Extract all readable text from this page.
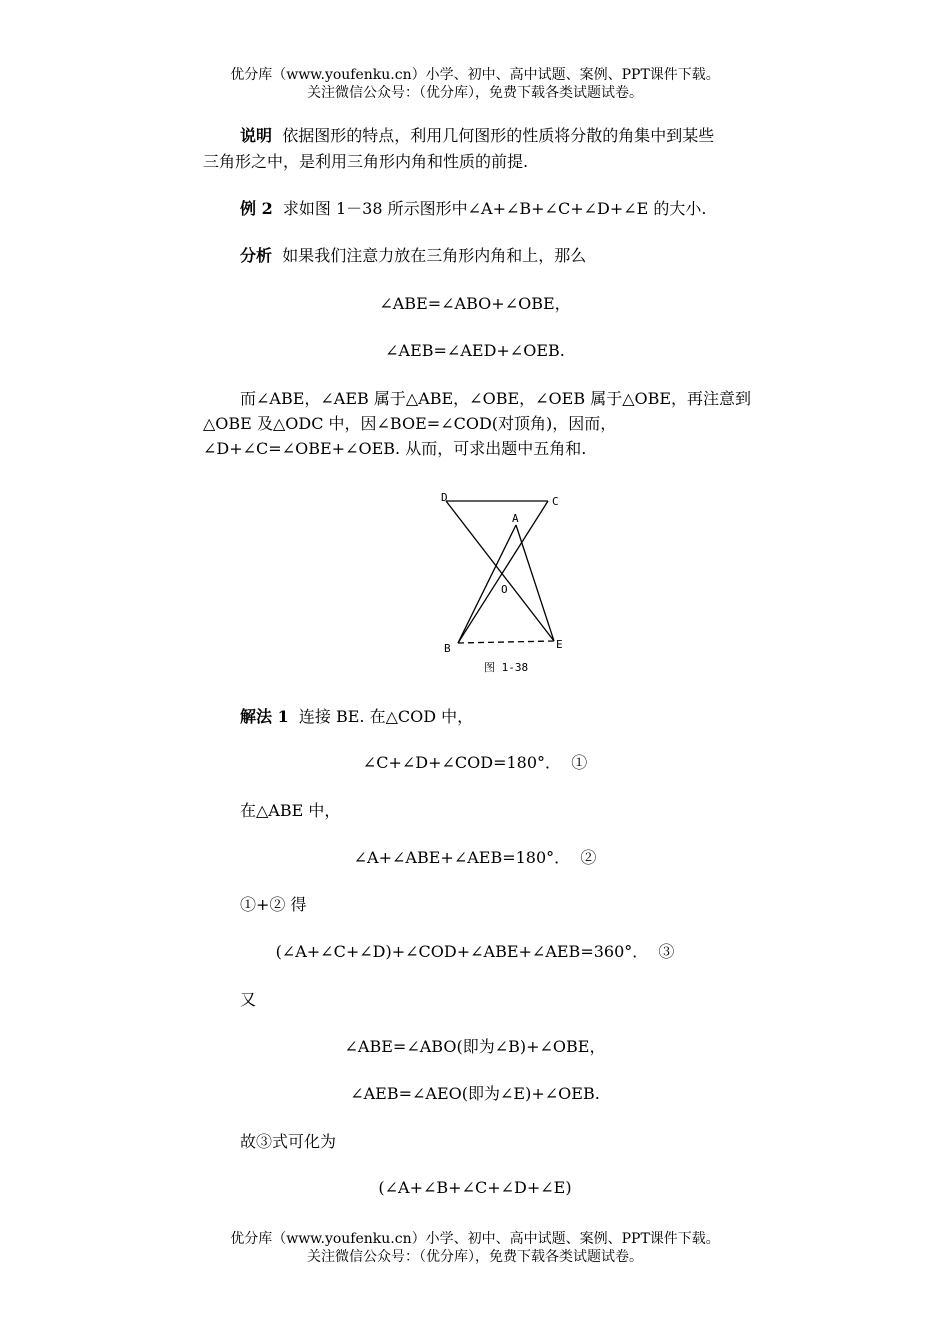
优分库（www.youfenku.cn）小学、初中、高中试题、案例、PPT课件下载。
关注微信公众号：（优分库），免费下载各类试题试卷。
说明 依据图形的特点，利用几何图形的性质将分散的角集中到某些
三角形之中，是利用三角形内角和性质的前提.
例 2 求如图 1－38 所示图形中∠A+∠B+∠C+∠D+∠E 的大小.
分析 如果我们注意力放在三角形内角和上，那么
∠ABE=∠ABO+∠OBE，
∠AEB=∠AED+∠OEB.
而∠ABE，∠AEB 属于△ABE，∠OBE，∠OEB 属于△OBE，再注意到
△OBE 及△ODC 中，因∠BOE=∠COD(对顶角)，因而，
∠D+∠C=∠OBE+∠OEB. 从而，可求出题中五角和.
D	C
A
O
B	E
图 1-38
解法 1 连接 BE. 在△COD 中，
∠C+∠D+∠COD=180°．  ①
在△ABE 中，
∠A+∠ABE+∠AEB=180°．  ②
①+② 得
(∠A+∠C+∠D)+∠COD+∠ABE+∠AEB=360°．  ③
又
∠ABE=∠ABO(即为∠B)+∠OBE，
∠AEB=∠AEO(即为∠E)+∠OEB.
故③式可化为
(∠A+∠B+∠C+∠D+∠E)
优分库（www.youfenku.cn）小学、初中、高中试题、案例、PPT课件下载。
关注微信公众号：（优分库），免费下载各类试题试卷。
